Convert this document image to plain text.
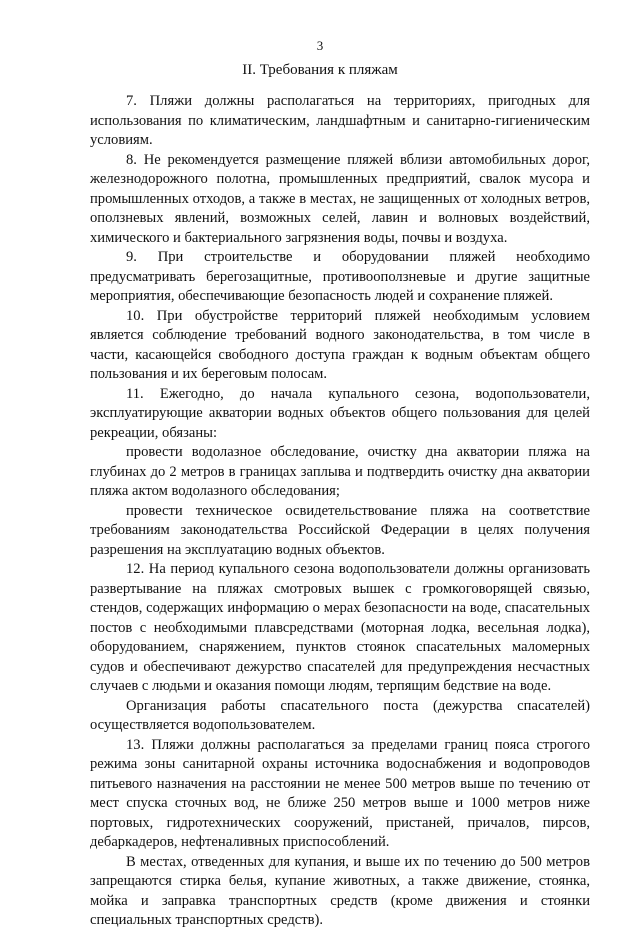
3
II. Требования к пляжам

7. Пляжи должны располагаться на территориях, пригодных для использования по климатическим, ландшафтным и санитарно-гигиеническим условиям.

8. Не рекомендуется размещение пляжей вблизи автомобильных дорог, железнодорожного полотна, промышленных предприятий, свалок мусора и промышленных отходов, а также в местах, не защищенных от холодных ветров, оползневых явлений, возможных селей, лавин и волновых воздействий, химического и бактериального загрязнения воды, почвы и воздуха.

9. При строительстве и оборудовании пляжей необходимо предусматривать берегозащитные, противооползневые и другие защитные мероприятия, обеспечивающие безопасность людей и сохранение пляжей.

10. При обустройстве территорий пляжей необходимым условием является соблюдение требований водного законодательства, в том числе в части, касающейся свободного доступа граждан к водным объектам общего пользования и их береговым полосам.

11. Ежегодно, до начала купального сезона, водопользователи, эксплуатирующие акватории водных объектов общего пользования для целей рекреации, обязаны:

провести водолазное обследование, очистку дна акватории пляжа на глубинах до 2 метров в границах заплыва и подтвердить очистку дна акватории пляжа актом водолазного обследования;

провести техническое освидетельствование пляжа на соответствие требованиям законодательства Российской Федерации в целях получения разрешения на эксплуатацию водных объектов.

12. На период купального сезона водопользователи должны организовать развертывание на пляжах смотровых вышек с громкоговорящей связью, стендов, содержащих информацию о мерах безопасности на воде, спасательных постов с необходимыми плавсредствами (моторная лодка, весельная лодка), оборудованием, снаряжением, пунктов стоянок спасательных маломерных судов и обеспечивают дежурство спасателей для предупреждения несчастных случаев с людьми и оказания помощи людям, терпящим бедствие на воде.

Организация работы спасательного поста (дежурства спасателей) осуществляется водопользователем.

13. Пляжи должны располагаться за пределами границ пояса строгого режима зоны санитарной охраны источника водоснабжения и водопроводов питьевого назначения на расстоянии не менее 500 метров выше по течению от мест спуска сточных вод, не ближе 250 метров выше и 1000 метров ниже портовых, гидротехнических сооружений, пристаней, причалов, пирсов, дебаркадеров, нефтеналивных приспособлений.

В местах, отведенных для купания, и выше их по течению до 500 метров запрещаются стирка белья, купание животных, а также движение, стоянка, мойка и заправка транспортных средств (кроме движения и стоянки специальных транспортных средств).
